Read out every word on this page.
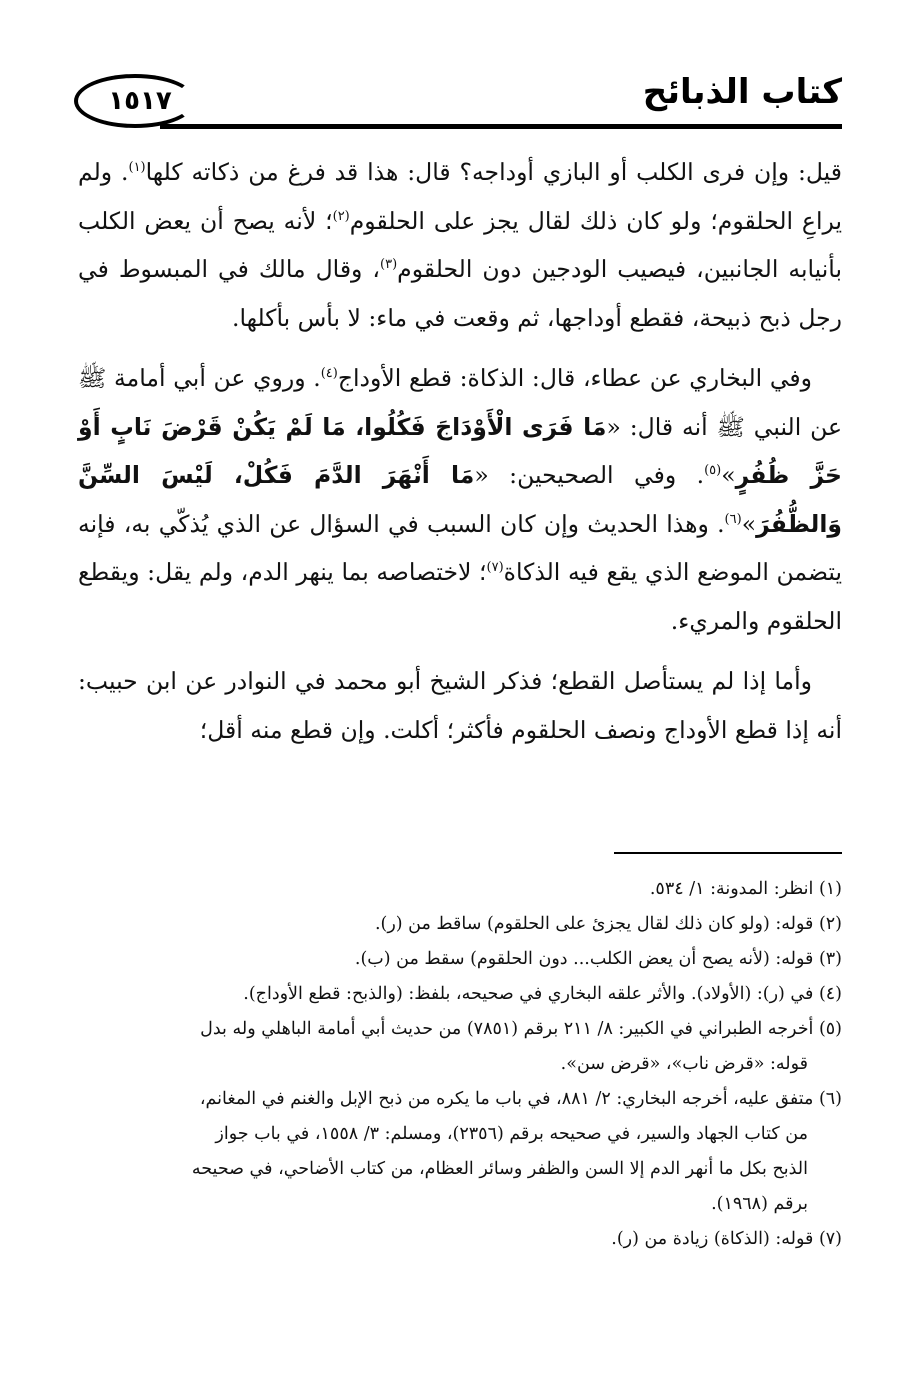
كتاب الذبائح
١٥١٧

قيل: وإن فرى الكلب أو البازي أوداجه؟ قال: هذا قد فرغ من ذكاته كلها$^{(١)}$. ولم يراعِ الحلقوم؛ ولو كان ذلك لقال يجز على الحلقوم$^{(٢)}$؛ لأنه يصح أن يعض الكلب بأنيابه الجانبين، فيصيب الودجين دون الحلقوم$^{(٣)}$، وقال مالك في المبسوط في رجل ذبح ذبيحة، فقطع أوداجها، ثم وقعت في ماء: لا بأس بأكلها.

وفي البخاري عن عطاء، قال: الذكاة: قطع الأوداج$^{(٤)}$. وروي عن أبي أمامة ﷺ عن النبي ﷺ أنه قال: «مَا فَرَى الْأَوْدَاجَ فَكُلُوا، مَا لَمْ يَكُنْ قَرْضَ نَابٍ أَوْ حَزَّ ظُفُرٍ»$^{(٥)}$. وفي الصحيحين: «مَا أَنْهَرَ الدَّمَ فَكُلْ، لَيْسَ السِّنَّ وَالظُّفُرَ»$^{(٦)}$. وهذا الحديث وإن كان السبب في السؤال عن الذي يُذكّي به، فإنه يتضمن الموضع الذي يقع فيه الذكاة$^{(٧)}$؛ لاختصاصه بما ينهر الدم، ولم يقل: ويقطع الحلقوم والمريء.

وأما إذا لم يستأصل القطع؛ فذكر الشيخ أبو محمد في النوادر عن ابن حبيب: أنه إذا قطع الأوداج ونصف الحلقوم فأكثر؛ أكلت. وإن قطع منه أقل؛

(١) انظر: المدونة: ١/ ٥٣٤.

(٢) قوله: (ولو كان ذلك لقال يجزئ على الحلقوم) ساقط من (ر).

(٣) قوله: (لأنه يصح أن يعض الكلب... دون الحلقوم) سقط من (ب).

(٤) في (ر): (الأولاد). والأثر علقه البخاري في صحيحه، بلفظ: (والذبح: قطع الأوداج).

(٥) أخرجه الطبراني في الكبير: ٨/ ٢١١ برقم (٧٨٥١) من حديث أبي أمامة الباهلي وله بدل

قوله: «قرض ناب»، «قرض سن».

(٦) متفق عليه، أخرجه البخاري: ٢/ ٨٨١، في باب ما يكره من ذبح الإبل والغنم في المغانم،

من كتاب الجهاد والسير، في صحيحه برقم (٢٣٥٦)، ومسلم: ٣/ ١٥٥٨، في باب جواز

الذبح بكل ما أنهر الدم إلا السن والظفر وسائر العظام، من كتاب الأضاحي، في صحيحه

برقم (١٩٦٨).

(٧) قوله: (الذكاة) زيادة من (ر).
